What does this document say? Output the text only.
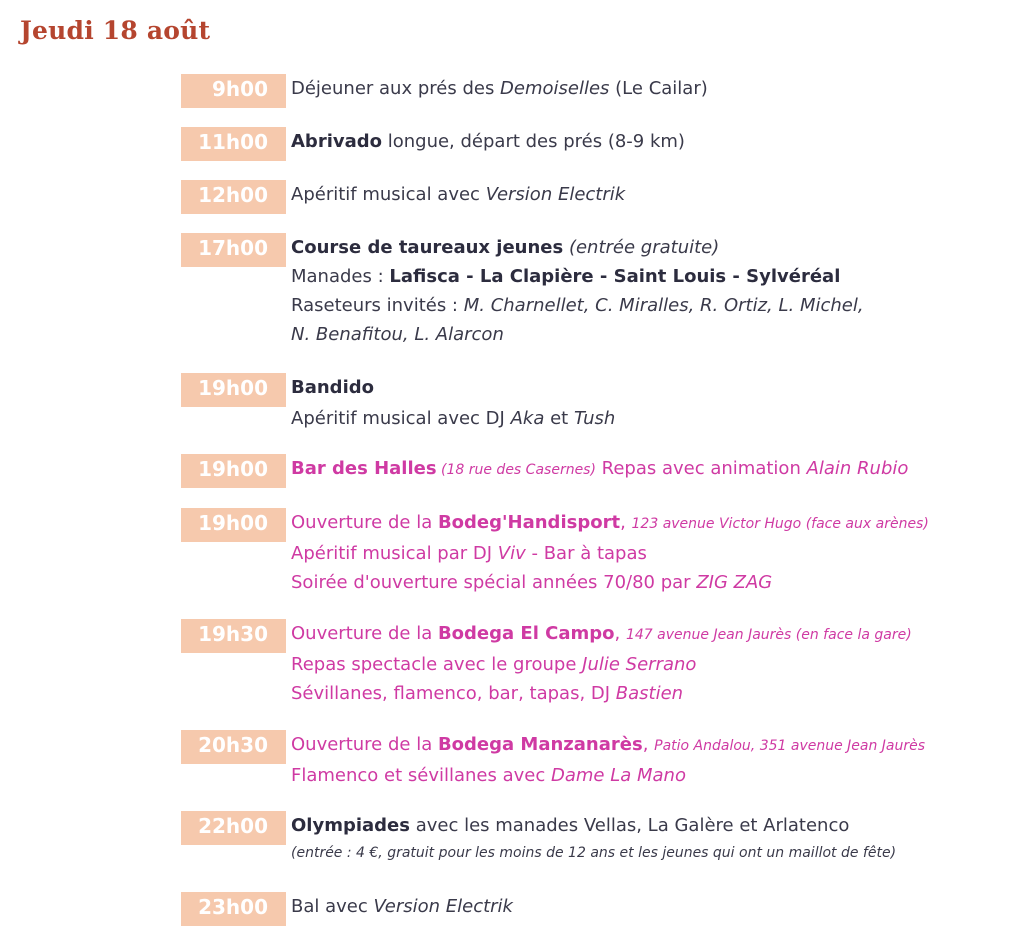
Jeudi 18 août
9h00	Déjeuner aux prés des Demoiselles (Le Cailar)
11h00	Abrivado longue, départ des prés (8-9 km)
12h00	Apéritif musical avec Version Electrik
17h00	Course de taureaux jeunes (entrée gratuite)
Manades : Lafisca - La Clapière - Saint Louis - Sylvéréal
Raseteurs invités : M. Charnellet, C. Miralles, R. Ortiz, L. Michel,
N. Benafitou, L. Alarcon
19h00	Bandido
Apéritif musical avec DJ Aka et Tush
19h00	Bar des Halles (18 rue des Casernes) Repas avec animation Alain Rubio
19h00	Ouverture de la Bodeg'Handisport, 123 avenue Victor Hugo (face aux arènes)
Apéritif musical par DJ Viv - Bar à tapas
Soirée d'ouverture spécial années 70/80 par ZIG ZAG
19h30	Ouverture de la Bodega El Campo, 147 avenue Jean Jaurès (en face la gare)
Repas spectacle avec le groupe Julie Serrano
Sévillanes, flamenco, bar, tapas, DJ Bastien
20h30	Ouverture de la Bodega Manzanarès, Patio Andalou, 351 avenue Jean Jaurès
Flamenco et sévillanes avec Dame La Mano
22h00	Olympiades avec les manades Vellas, La Galère et Arlatenco
(entrée : 4 €, gratuit pour les moins de 12 ans et les jeunes qui ont un maillot de fête)
23h00	Bal avec Version Electrik
